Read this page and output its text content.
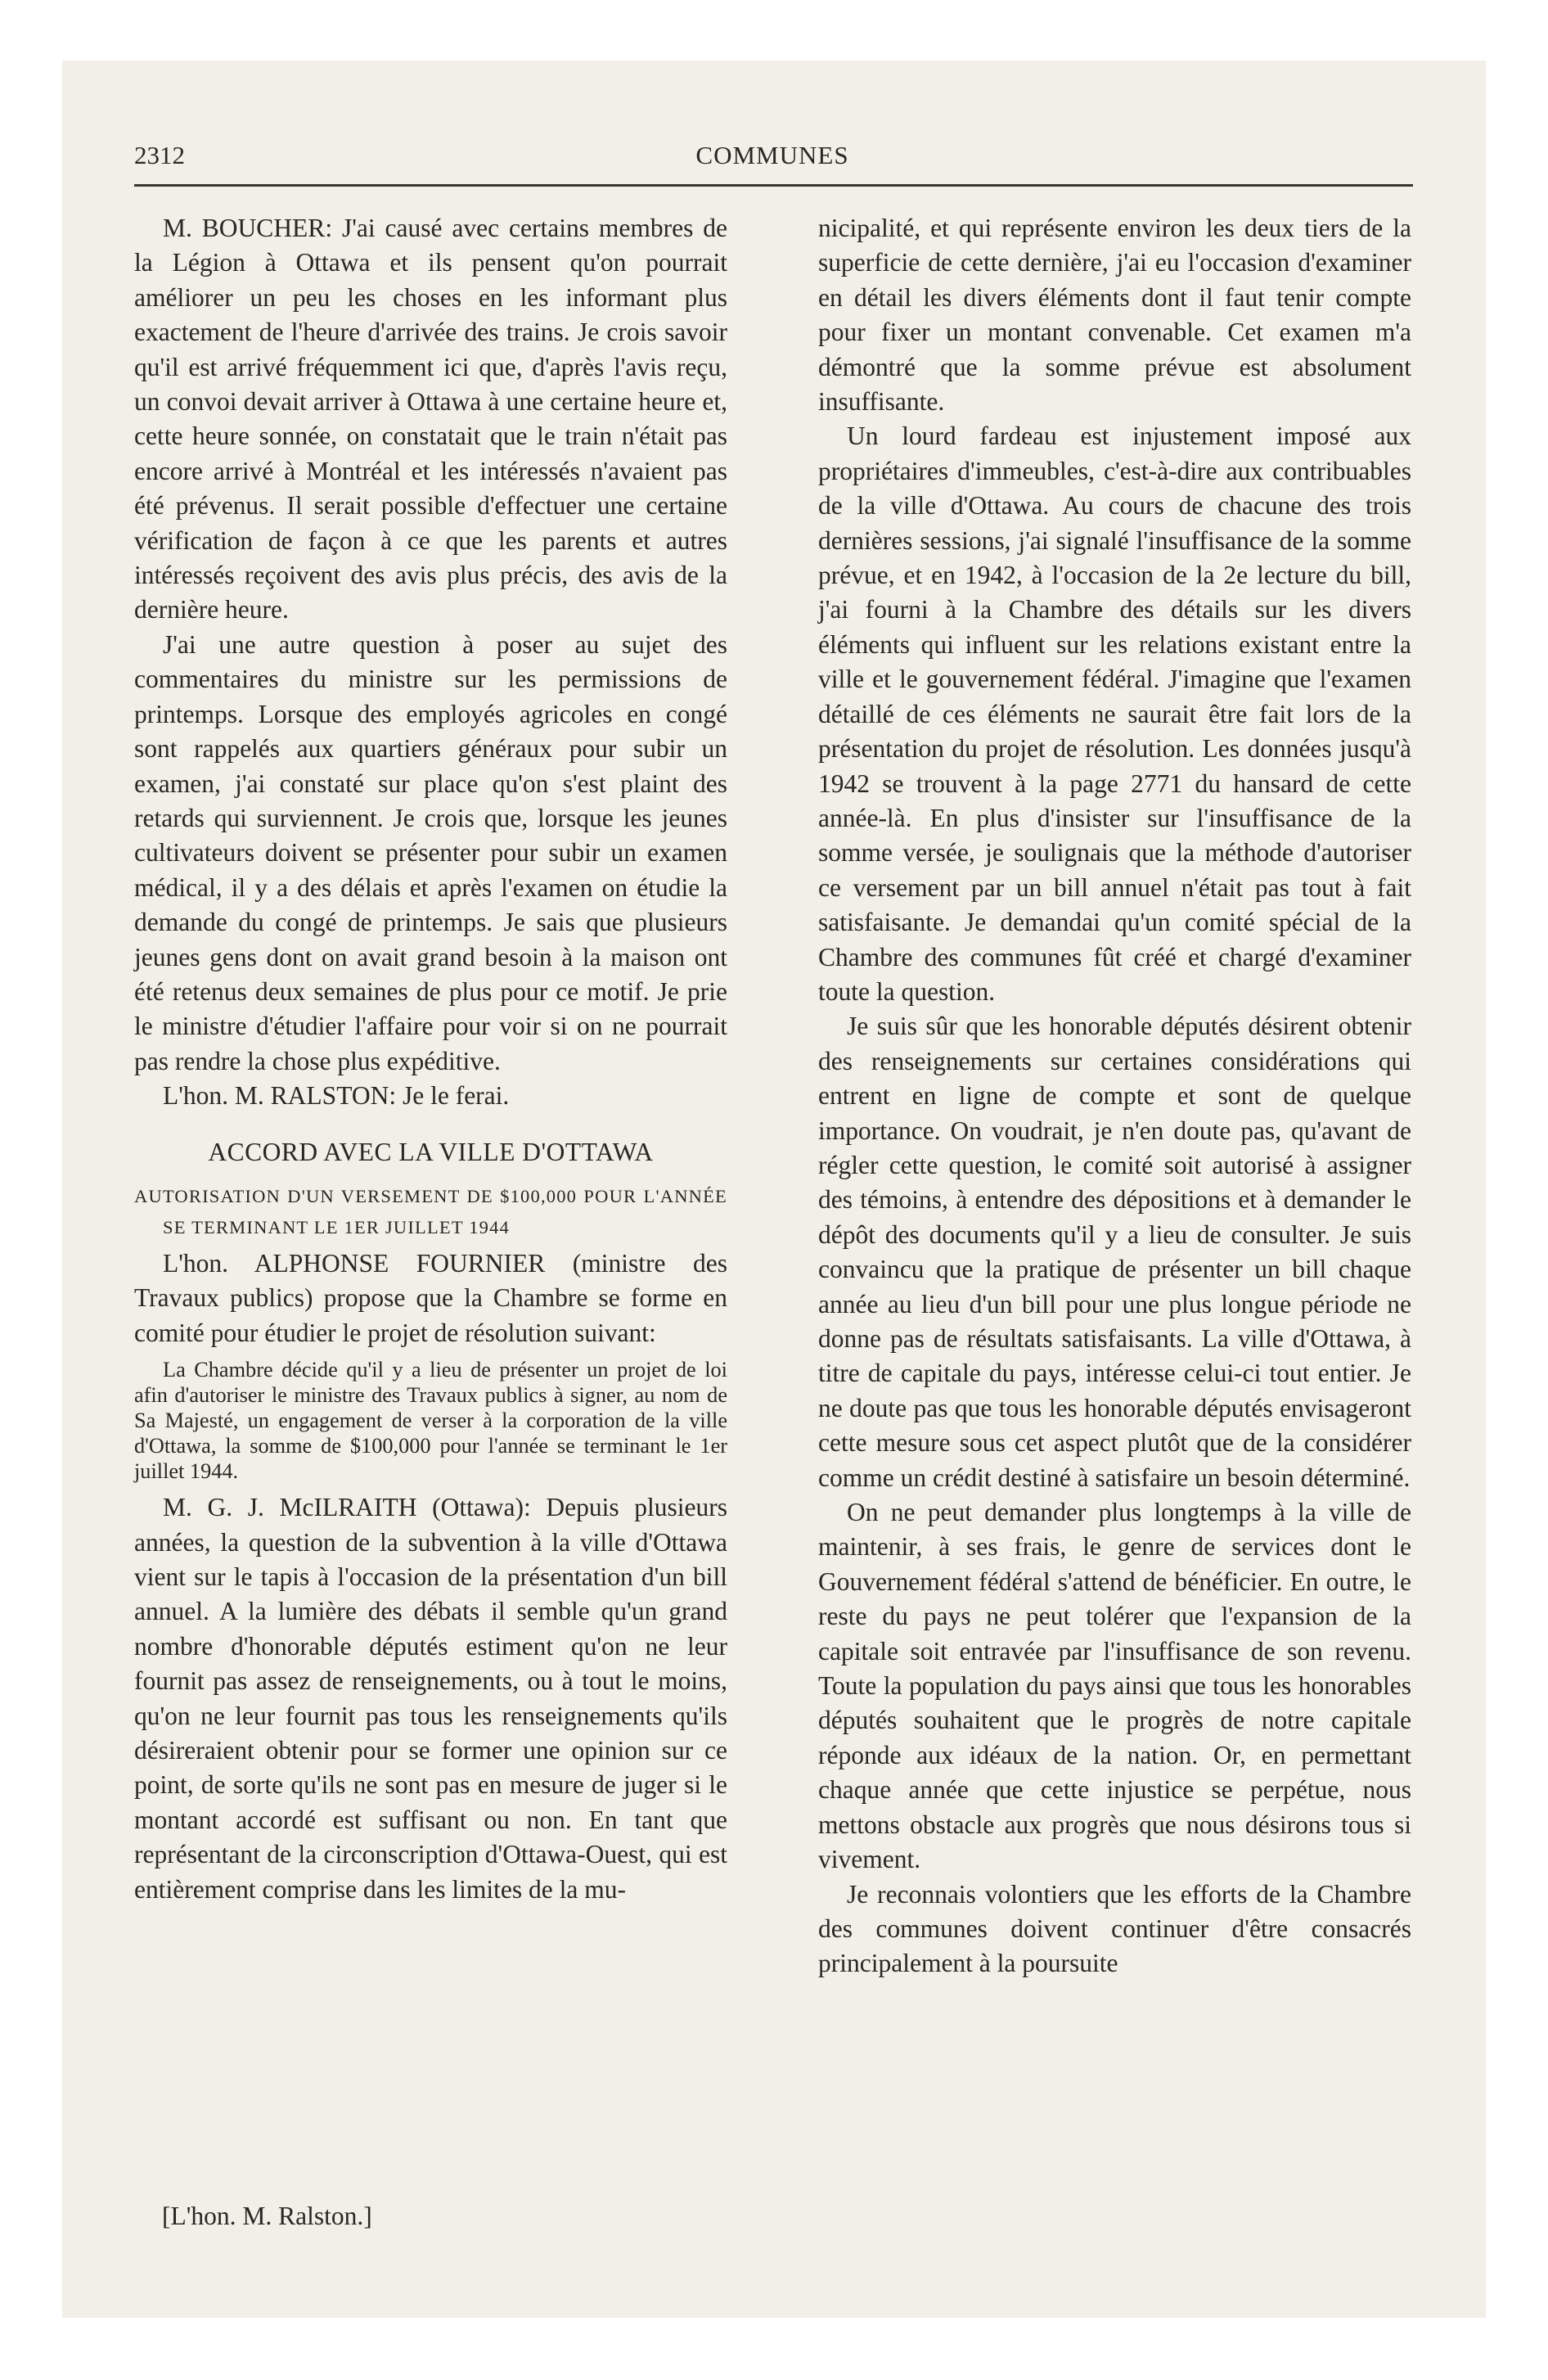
COMMUNES
2312

M. BOUCHER: J'ai causé avec certains membres de la Légion à Ottawa et ils pensent qu'on pourrait améliorer un peu les choses en les informant plus exactement de l'heure d'arrivée des trains. Je crois savoir qu'il est arrivé fréquemment ici que, d'après l'avis reçu, un convoi devait arriver à Ottawa à une certaine heure et, cette heure sonnée, on constatait que le train n'était pas encore arrivé à Montréal et les intéressés n'avaient pas été prévenus. Il serait possible d'effectuer une certaine vérification de façon à ce que les parents et autres intéressés reçoivent des avis plus précis, des avis de la dernière heure.

J'ai une autre question à poser au sujet des commentaires du ministre sur les permissions de printemps. Lorsque des employés agricoles en congé sont rappelés aux quartiers généraux pour subir un examen, j'ai constaté sur place qu'on s'est plaint des retards qui surviennent. Je crois que, lorsque les jeunes cultivateurs doivent se présenter pour subir un examen médical, il y a des délais et après l'examen on étudie la demande du congé de printemps. Je sais que plusieurs jeunes gens dont on avait grand besoin à la maison ont été retenus deux semaines de plus pour ce motif. Je prie le ministre d'étudier l'affaire pour voir si on ne pourrait pas rendre la chose plus expéditive.

L'hon. M. RALSTON: Je le ferai.

ACCORD AVEC LA VILLE D'OTTAWA

AUTORISATION D'UN VERSEMENT DE $100,000 POUR L'ANNÉE SE TERMINANT LE 1ER JUILLET 1944

L'hon. ALPHONSE FOURNIER (ministre des Travaux publics) propose que la Chambre se forme en comité pour étudier le projet de résolution suivant:

La Chambre décide qu'il y a lieu de présenter un projet de loi afin d'autoriser le ministre des Travaux publics à signer, au nom de Sa Majesté, un engagement de verser à la corporation de la ville d'Ottawa, la somme de $100,000 pour l'année se terminant le 1er juillet 1944.

M. G. J. McILRAITH (Ottawa): Depuis plusieurs années, la question de la subvention à la ville d'Ottawa vient sur le tapis à l'occasion de la présentation d'un bill annuel. A la lumière des débats il semble qu'un grand nombre d'honorable députés estiment qu'on ne leur fournit pas assez de renseignements, ou à tout le moins, qu'on ne leur fournit pas tous les renseignements qu'ils désireraient obtenir pour se former une opinion sur ce point, de sorte qu'ils ne sont pas en mesure de juger si le montant accordé est suffisant ou non. En tant que représentant de la circonscription d'Ottawa-Ouest, qui est entièrement comprise dans les limites de la mu-

nicipalité, et qui représente environ les deux tiers de la superficie de cette dernière, j'ai eu l'occasion d'examiner en détail les divers éléments dont il faut tenir compte pour fixer un montant convenable. Cet examen m'a démontré que la somme prévue est absolument insuffisante.

Un lourd fardeau est injustement imposé aux propriétaires d'immeubles, c'est-à-dire aux contribuables de la ville d'Ottawa. Au cours de chacune des trois dernières sessions, j'ai signalé l'insuffisance de la somme prévue, et en 1942, à l'occasion de la 2e lecture du bill, j'ai fourni à la Chambre des détails sur les divers éléments qui influent sur les relations existant entre la ville et le gouvernement fédéral. J'imagine que l'examen détaillé de ces éléments ne saurait être fait lors de la présentation du projet de résolution. Les données jusqu'à 1942 se trouvent à la page 2771 du hansard de cette année-là. En plus d'insister sur l'insuffisance de la somme versée, je soulignais que la méthode d'autoriser ce versement par un bill annuel n'était pas tout à fait satisfaisante. Je demandai qu'un comité spécial de la Chambre des communes fût créé et chargé d'examiner toute la question.

Je suis sûr que les honorable députés désirent obtenir des renseignements sur certaines considérations qui entrent en ligne de compte et sont de quelque importance. On voudrait, je n'en doute pas, qu'avant de régler cette question, le comité soit autorisé à assigner des témoins, à entendre des dépositions et à demander le dépôt des documents qu'il y a lieu de consulter. Je suis convaincu que la pratique de présenter un bill chaque année au lieu d'un bill pour une plus longue période ne donne pas de résultats satisfaisants. La ville d'Ottawa, à titre de capitale du pays, intéresse celui-ci tout entier. Je ne doute pas que tous les honorable députés envisageront cette mesure sous cet aspect plutôt que de la considérer comme un crédit destiné à satisfaire un besoin déterminé.

On ne peut demander plus longtemps à la ville de maintenir, à ses frais, le genre de services dont le Gouvernement fédéral s'attend de bénéficier. En outre, le reste du pays ne peut tolérer que l'expansion de la capitale soit entravée par l'insuffisance de son revenu. Toute la population du pays ainsi que tous les honorables députés souhaitent que le progrès de notre capitale réponde aux idéaux de la nation. Or, en permettant chaque année que cette injustice se perpétue, nous mettons obstacle aux progrès que nous désirons tous si vivement.

Je reconnais volontiers que les efforts de la Chambre des communes doivent continuer d'être consacrés principalement à la poursuite

[L'hon. M. Ralston.]
